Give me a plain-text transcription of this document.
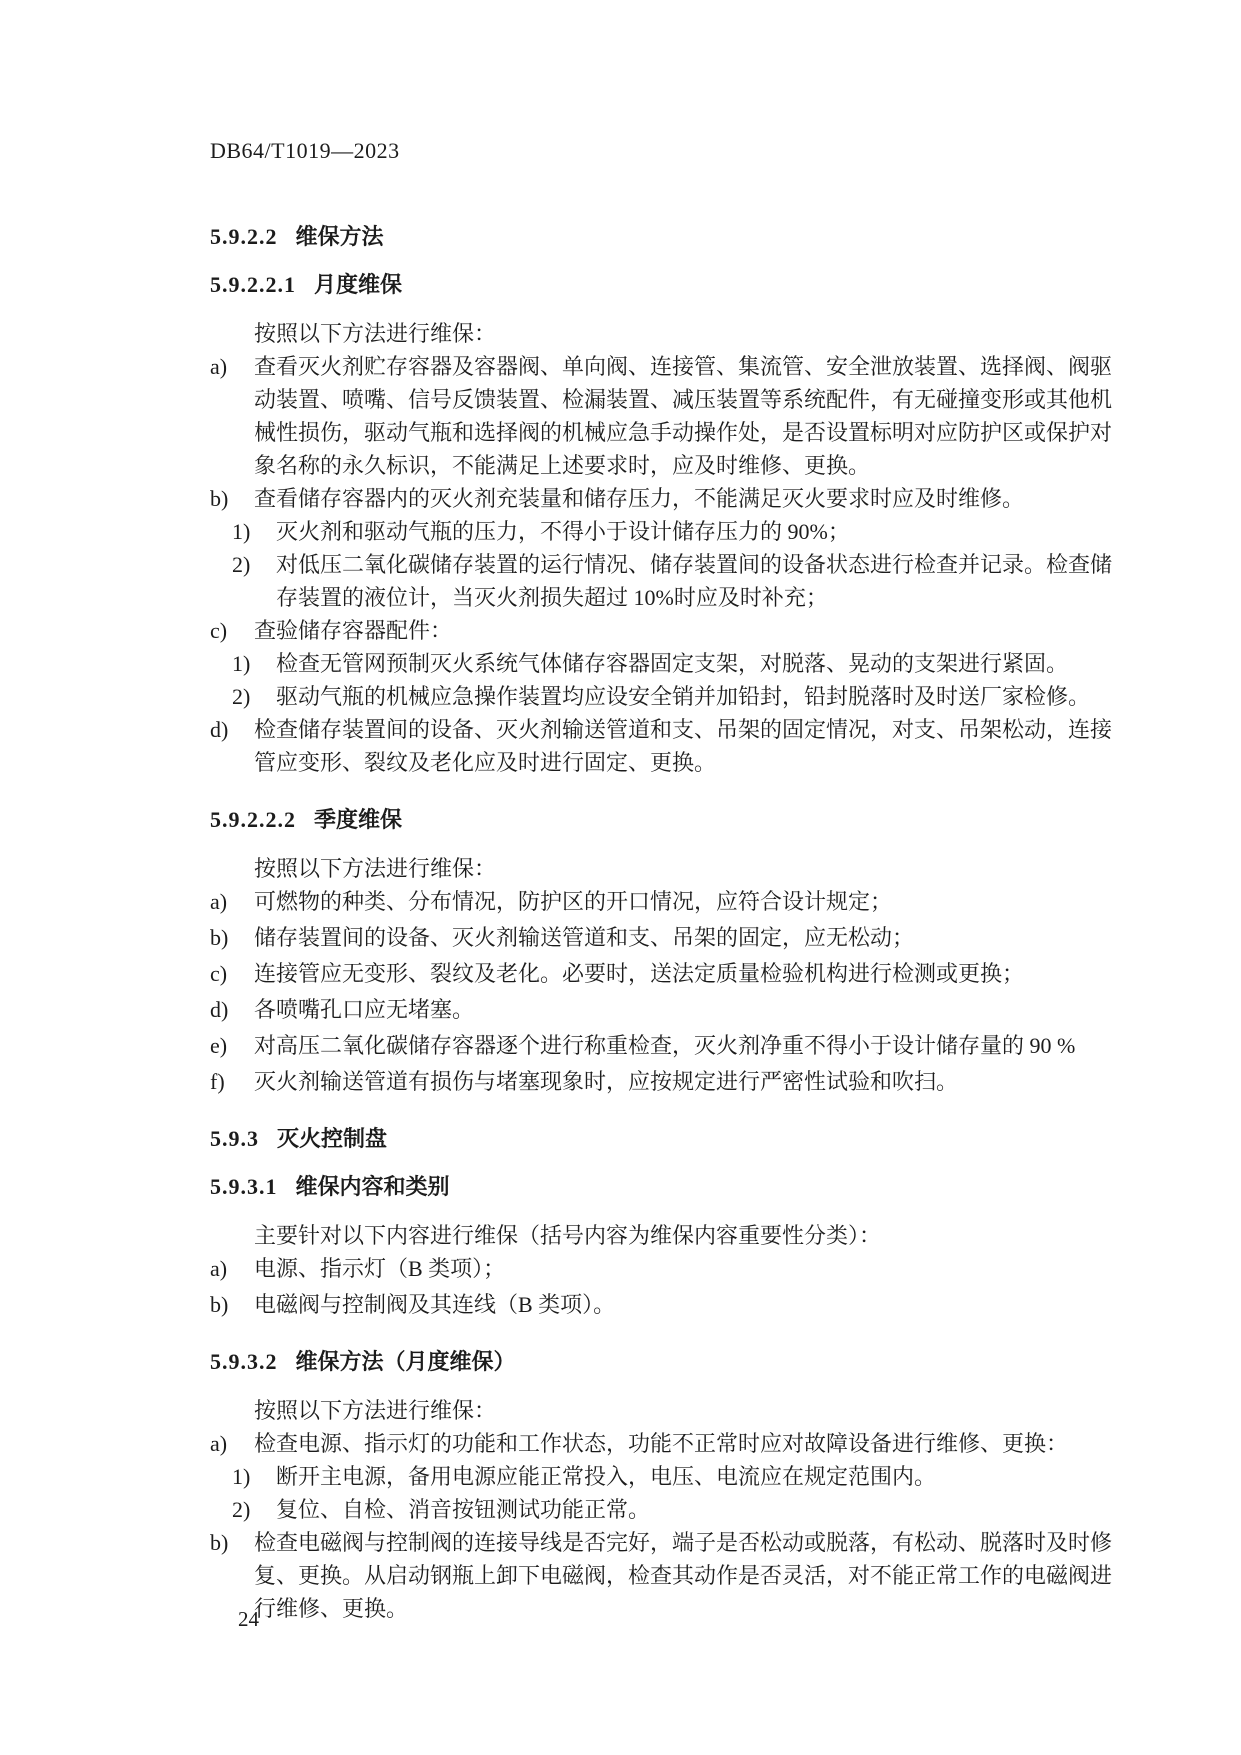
DB64/T1019—2023
5.9.2.2 维保方法
5.9.2.2.1 月度维保
按照以下方法进行维保：
a)	查看灭火剂贮存容器及容器阀、单向阀、连接管、集流管、安全泄放装置、选择阀、阀驱动装置、喷嘴、信号反馈装置、检漏装置、减压装置等系统配件，有无碰撞变形或其他机械性损伤，驱动气瓶和选择阀的机械应急手动操作处，是否设置标明对应防护区或保护对象名称的永久标识，不能满足上述要求时，应及时维修、更换。
b)	查看储存容器内的灭火剂充装量和储存压力，不能满足灭火要求时应及时维修。
1)	灭火剂和驱动气瓶的压力，不得小于设计储存压力的 90%；
2)	对低压二氧化碳储存装置的运行情况、储存装置间的设备状态进行检查并记录。检查储存装置的液位计，当灭火剂损失超过 10%时应及时补充；
c)	查验储存容器配件：
1)	检查无管网预制灭火系统气体储存容器固定支架，对脱落、晃动的支架进行紧固。
2)	驱动气瓶的机械应急操作装置均应设安全销并加铅封，铅封脱落时及时送厂家检修。
d)	检查储存装置间的设备、灭火剂输送管道和支、吊架的固定情况，对支、吊架松动，连接管应变形、裂纹及老化应及时进行固定、更换。
5.9.2.2.2 季度维保
按照以下方法进行维保：
a)	可燃物的种类、分布情况，防护区的开口情况，应符合设计规定；
b)	储存装置间的设备、灭火剂输送管道和支、吊架的固定，应无松动；
c)	连接管应无变形、裂纹及老化。必要时，送法定质量检验机构进行检测或更换；
d)	各喷嘴孔口应无堵塞。
e)	对高压二氧化碳储存容器逐个进行称重检查，灭火剂净重不得小于设计储存量的 90 %
f)	灭火剂输送管道有损伤与堵塞现象时，应按规定进行严密性试验和吹扫。
5.9.3 灭火控制盘
5.9.3.1 维保内容和类别
主要针对以下内容进行维保（括号内容为维保内容重要性分类）：
a)	电源、指示灯（B 类项）；
b)	电磁阀与控制阀及其连线（B 类项）。
5.9.3.2 维保方法（月度维保）
按照以下方法进行维保：
a)	检查电源、指示灯的功能和工作状态，功能不正常时应对故障设备进行维修、更换：
1)	断开主电源，备用电源应能正常投入，电压、电流应在规定范围内。
2)	复位、自检、消音按钮测试功能正常。
b)	检查电磁阀与控制阀的连接导线是否完好，端子是否松动或脱落，有松动、脱落时及时修复、更换。从启动钢瓶上卸下电磁阀，检查其动作是否灵活，对不能正常工作的电磁阀进行维修、更换。
24
